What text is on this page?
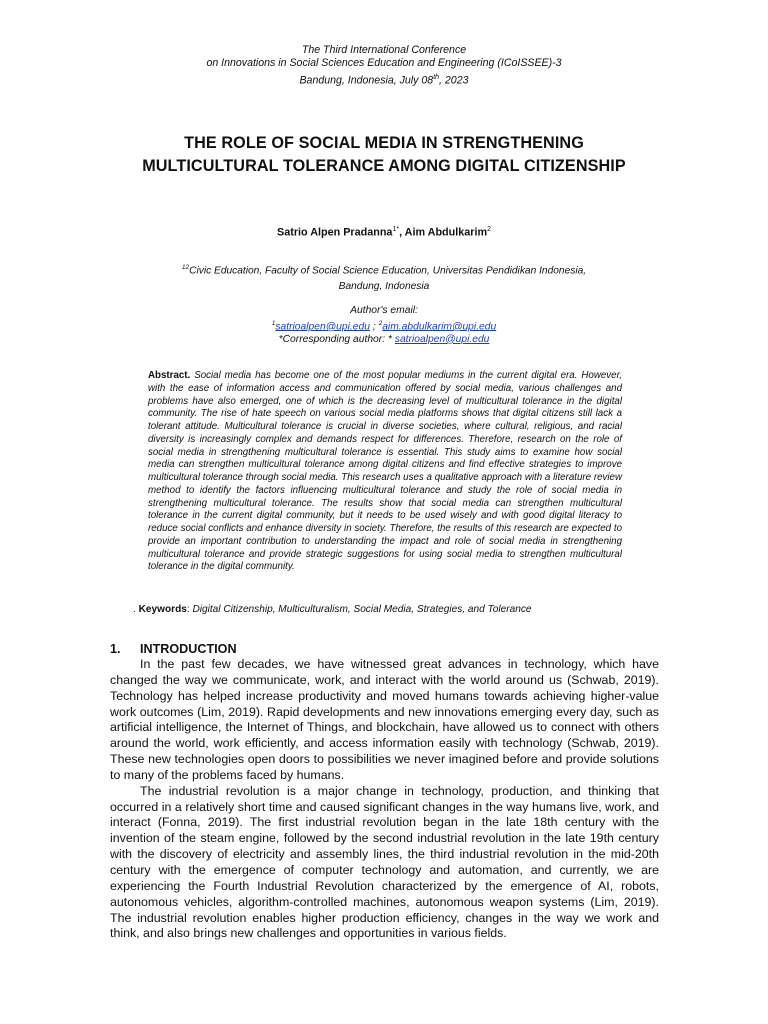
The Third International Conference
on Innovations in Social Sciences Education and Engineering (ICoISSEE)-3
Bandung, Indonesia, July 08th, 2023
THE ROLE OF SOCIAL MEDIA IN STRENGTHENING
MULTICULTURAL TOLERANCE AMONG DIGITAL CITIZENSHIP
Satrio Alpen Pradanna$^{1*}$, Aim Abdulkarim$^2$
$^{12}$Civic Education, Faculty of Social Science Education, Universitas Pendidikan Indonesia,
Bandung, Indonesia
Author's email:
$^1$satrioalpen@upi.edu ; $^2$aim.abdulkarim@upi.edu
*Corresponding author: * satrioalpen@upi.edu
Abstract. Social media has become one of the most popular mediums in the current digital era. However, with the ease of information access and communication offered by social media, various challenges and problems have also emerged, one of which is the decreasing level of multicultural tolerance in the digital community. The rise of hate speech on various social media platforms shows that digital citizens still lack a tolerant attitude. Multicultural tolerance is crucial in diverse societies, where cultural, religious, and racial diversity is increasingly complex and demands respect for differences. Therefore, research on the role of social media in strengthening multicultural tolerance is essential. This study aims to examine how social media can strengthen multicultural tolerance among digital citizens and find effective strategies to improve multicultural tolerance through social media. This research uses a qualitative approach with a literature review method to identify the factors influencing multicultural tolerance and study the role of social media in strengthening multicultural tolerance. The results show that social media can strengthen multicultural tolerance in the current digital community, but it needs to be used wisely and with good digital literacy to reduce social conflicts and enhance diversity in society. Therefore, the results of this research are expected to provide an important contribution to understanding the impact and role of social media in strengthening multicultural tolerance and provide strategic suggestions for using social media to strengthen multicultural tolerance in the digital community.
. Keywords: Digital Citizenship, Multiculturalism, Social Media, Strategies, and Tolerance
1. INTRODUCTION

In the past few decades, we have witnessed great advances in technology, which have changed the way we communicate, work, and interact with the world around us (Schwab, 2019). Technology has helped increase productivity and moved humans towards achieving higher-value work outcomes (Lim, 2019). Rapid developments and new innovations emerging every day, such as artificial intelligence, the Internet of Things, and blockchain, have allowed us to connect with others around the world, work efficiently, and access information easily with technology (Schwab, 2019). These new technologies open doors to possibilities we never imagined before and provide solutions to many of the problems faced by humans.

The industrial revolution is a major change in technology, production, and thinking that occurred in a relatively short time and caused significant changes in the way humans live, work, and interact (Fonna, 2019). The first industrial revolution began in the late 18th century with the invention of the steam engine, followed by the second industrial revolution in the late 19th century with the discovery of electricity and assembly lines, the third industrial revolution in the mid-20th century with the emergence of computer technology and automation, and currently, we are experiencing the Fourth Industrial Revolution characterized by the emergence of AI, robots, autonomous vehicles, algorithm-controlled machines, autonomous weapon systems (Lim, 2019). The industrial revolution enables higher production efficiency, changes in the way we work and think, and also brings new challenges and opportunities in various fields.
